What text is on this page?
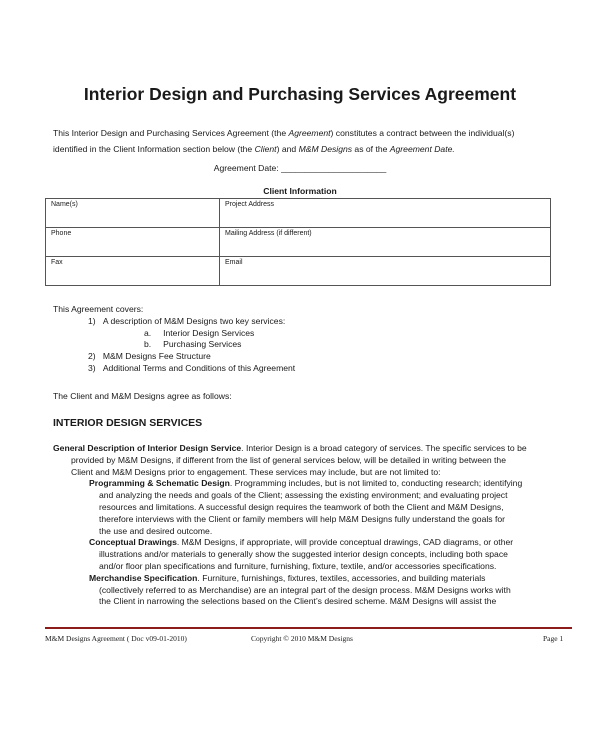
Interior Design and Purchasing Services Agreement
This Interior Design and Purchasing Services Agreement (the Agreement) constitutes a contract between the individual(s)
identified in the Client Information section below (the Client) and M&M Designs as of the Agreement Date.
Agreement Date: ______________________
Client Information
Name(s)	Project Address
Phone	Mailing Address (if different)
Fax	Email
This Agreement covers:
1) A description of M&M Designs two key services:
a. Interior Design Services
b. Purchasing Services
2) M&M Designs Fee Structure
3) Additional Terms and Conditions of this Agreement
The Client and M&M Designs agree as follows:
INTERIOR DESIGN SERVICES
General Description of Interior Design Service. Interior Design is a broad category of services. The specific services to be
provided by M&M Designs, if different from the list of general services below, will be detailed in writing between the
Client and M&M Designs prior to engagement. These services may include, but are not limited to:
Programming & Schematic Design. Programming includes, but is not limited to, conducting research; identifying
and analyzing the needs and goals of the Client; assessing the existing environment; and evaluating project
resources and limitations. A successful design requires the teamwork of both the Client and M&M Designs,
therefore interviews with the Client or family members will help M&M Designs fully understand the goals for
the use and desired outcome.
Conceptual Drawings. M&M Designs, if appropriate, will provide conceptual drawings, CAD diagrams, or other
illustrations and/or materials to generally show the suggested interior design concepts, including both space
and/or floor plan specifications and furniture, furnishing, fixture, textile, and/or accessories specifications.
Merchandise Specification. Furniture, furnishings, fixtures, textiles, accessories, and building materials
(collectively referred to as Merchandise) are an integral part of the design process. M&M Designs works with
the Client in narrowing the selections based on the Client’s desired scheme. M&M Designs will assist the
M&M Designs Agreement ( Doc v09-01-2010)	Copyright © 2010 M&M Designs	Page 1
